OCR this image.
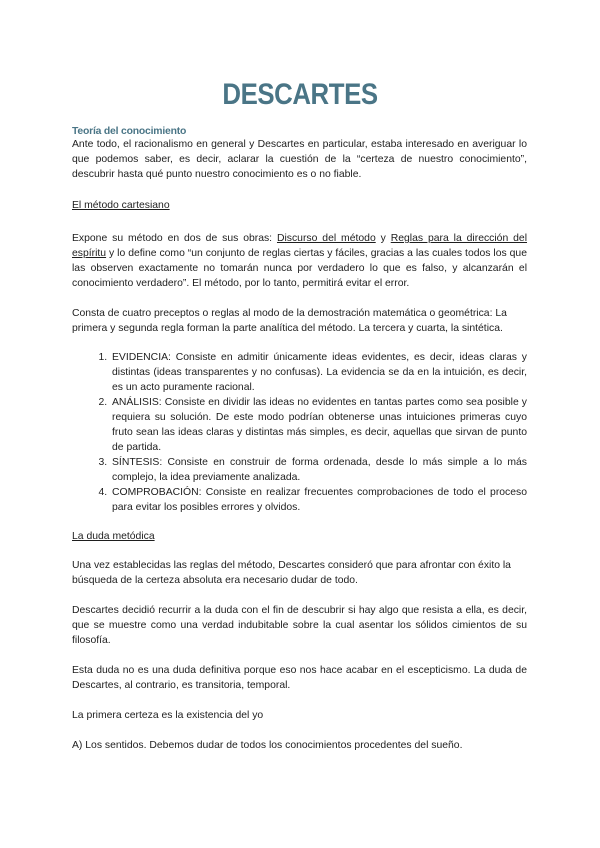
DESCARTES
Teoría del conocimiento

Ante todo, el racionalismo en general y Descartes en particular, estaba interesado en averiguar lo que podemos saber, es decir, aclarar la cuestión de la “certeza de nuestro conocimiento”, descubrir hasta qué punto nuestro conocimiento es o no fiable.

El método cartesiano

Expone su método en dos de sus obras: Discurso del método y Reglas para la dirección del espíritu y lo define como “un conjunto de reglas ciertas y fáciles, gracias a las cuales todos los que las observen exactamente no tomarán nunca por verdadero lo que es falso, y alcanzarán el conocimiento verdadero”. El método, por lo tanto, permitirá evitar el error.

Consta de cuatro preceptos o reglas al modo de la demostración matemática o geométrica: La primera y segunda regla forman la parte analítica del método. La tercera y cuarta, la sintética.

1. EVIDENCIA: Consiste en admitir únicamente ideas evidentes, es decir, ideas claras y distintas (ideas transparentes y no confusas). La evidencia se da en la intuición, es decir, es un acto puramente racional.
2. ANÁLISIS: Consiste en dividir las ideas no evidentes en tantas partes como sea posible y requiera su solución. De este modo podrían obtenerse unas intuiciones primeras cuyo fruto sean las ideas claras y distintas más simples, es decir, aquellas que sirvan de punto de partida.
3. SÍNTESIS: Consiste en construir de forma ordenada, desde lo más simple a lo más complejo, la idea previamente analizada.
4. COMPROBACIÓN: Consiste en realizar frecuentes comprobaciones de todo el proceso para evitar los posibles errores y olvidos.

La duda metódica

Una vez establecidas las reglas del método, Descartes consideró que para afrontar con éxito la búsqueda de la certeza absoluta era necesario dudar de todo.

Descartes decidió recurrir a la duda con el fin de descubrir si hay algo que resista a ella, es decir, que se muestre como una verdad indubitable sobre la cual asentar los sólidos cimientos de su filosofía.

Esta duda no es una duda definitiva porque eso nos hace acabar en el escepticismo. La duda de Descartes, al contrario, es transitoria, temporal.

La primera certeza es la existencia del yo

A) Los sentidos. Debemos dudar de todos los conocimientos procedentes del sueño.
